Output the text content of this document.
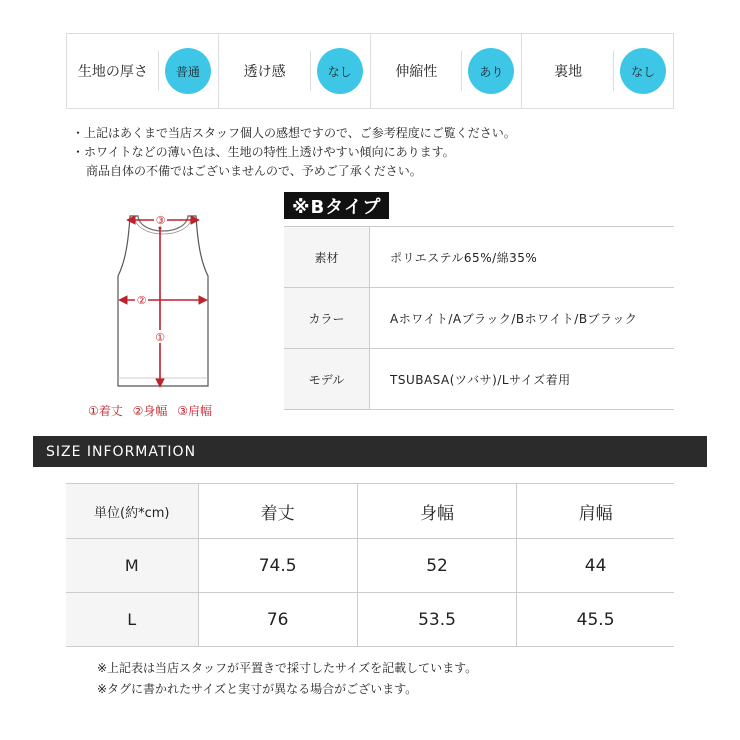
生地の厚さ	普通	透け感	なし	伸縮性	あり	裏地	なし
・上記はあくまで当店スタッフ個人の感想ですので、ご参考程度にご覧ください。
・ホワイトなどの薄い色は、生地の特性上透けやすい傾向にあります。
商品自体の不備ではございませんので、予めご了承ください。
③
②
①
①着丈 ②身幅 ③肩幅
※Bタイプ
素材	ポリエステル65%/綿35%
カラー	Aホワイト/Aブラック/Bホワイト/Bブラック
モデル	TSUBASA(ツバサ)/Lサイズ着用
SIZE INFORMATION
単位(約*cm)	着丈	身幅	肩幅
M	74.5	52	44
L	76	53.5	45.5
※上記表は当店スタッフが平置きで採寸したサイズを記載しています。
※タグに書かれたサイズと実寸が異なる場合がございます。
